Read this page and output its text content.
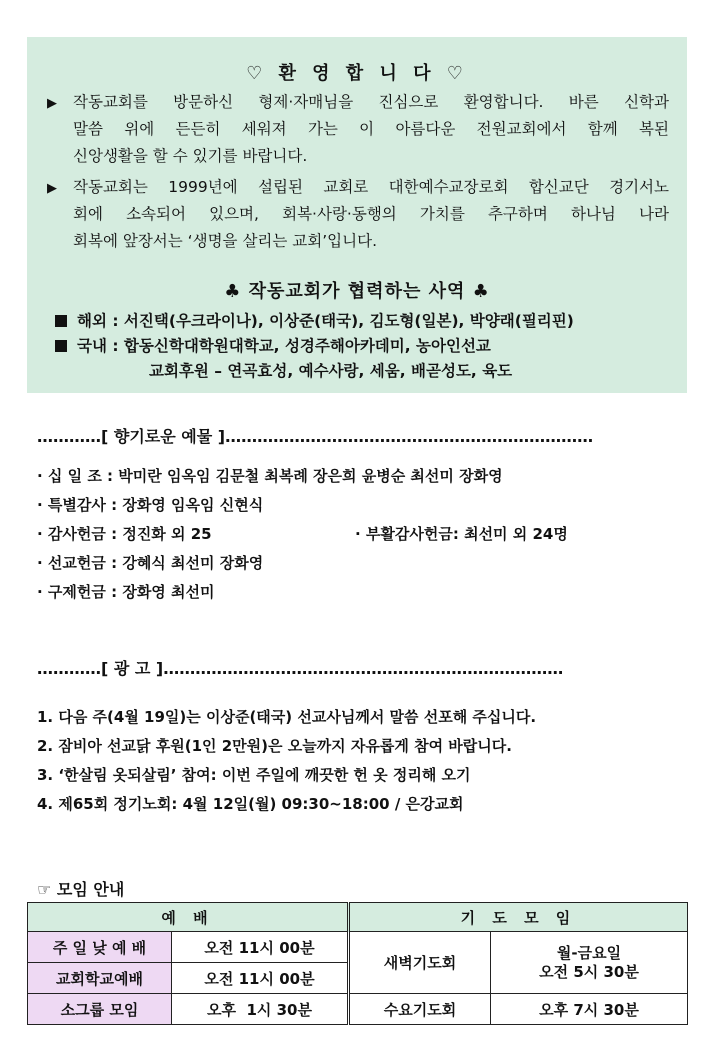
♡ 환 영 합 니 다 ♡
▶ 작동교회를 방문하신 형제·자매님을 진심으로 환영합니다. 바른 신학과
말씀 위에 든든히 세워져 가는 이 아름다운 전원교회에서 함께 복된
신앙생활을 할 수 있기를 바랍니다.
▶ 작동교회는 1999년에 설립된 교회로 대한예수교장로회 합신교단 경기서노
회에 소속되어 있으며, 회복·사랑·동행의 가치를 추구하며 하나님 나라
회복에 앞장서는 ‘생명을 살리는 교회’입니다.
♣ 작동교회가 협력하는 사역 ♣
해외 : 서진택(우크라이나), 이상준(태국), 김도형(일본), 박양래(필리핀)
국내 : 합동신학대학원대학교, 성경주해아카데미, 농아인선교
교회후원 – 연곡효성, 예수사랑, 세움, 배곧성도, 육도
…………[ 향기로운 예물 ]……………………………………………………………
· 십 일 조 : 박미란 임옥임 김문철 최복례 장은희 윤병순 최선미 장화영
· 특별감사 : 장화영 임옥임 신현식
· 감사헌금 : 정진화 외 25	· 부활감사헌금: 최선미 외 24명
· 선교헌금 : 강혜식 최선미 장화영
· 구제헌금 : 장화영 최선미
…………[ 광 고 ]…………………………………………………………………
1. 다음 주(4월 19일)는 이상준(태국) 선교사님께서 말씀 선포해 주십니다.
2. 잠비아 선교닭 후원(1인 2만원)은 오늘까지 자유롭게 참여 바랍니다.
3. ‘한살림 옷되살림’ 참여: 이번 주일에 깨끗한 헌 옷 정리해 오기
4. 제65회 정기노회: 4월 12일(월) 09:30~18:00 / 은강교회
☞ 모임 안내
예 배		기 도 모 임	
주 일 낮 예 배	오전 11시 00분	새벽기도회	월-금요일
오전 5시 30분

교회학교예배	오전 11시 00분		
소그룹 모임	오후  1시 30분	수요기도회	오후 7시 30분
